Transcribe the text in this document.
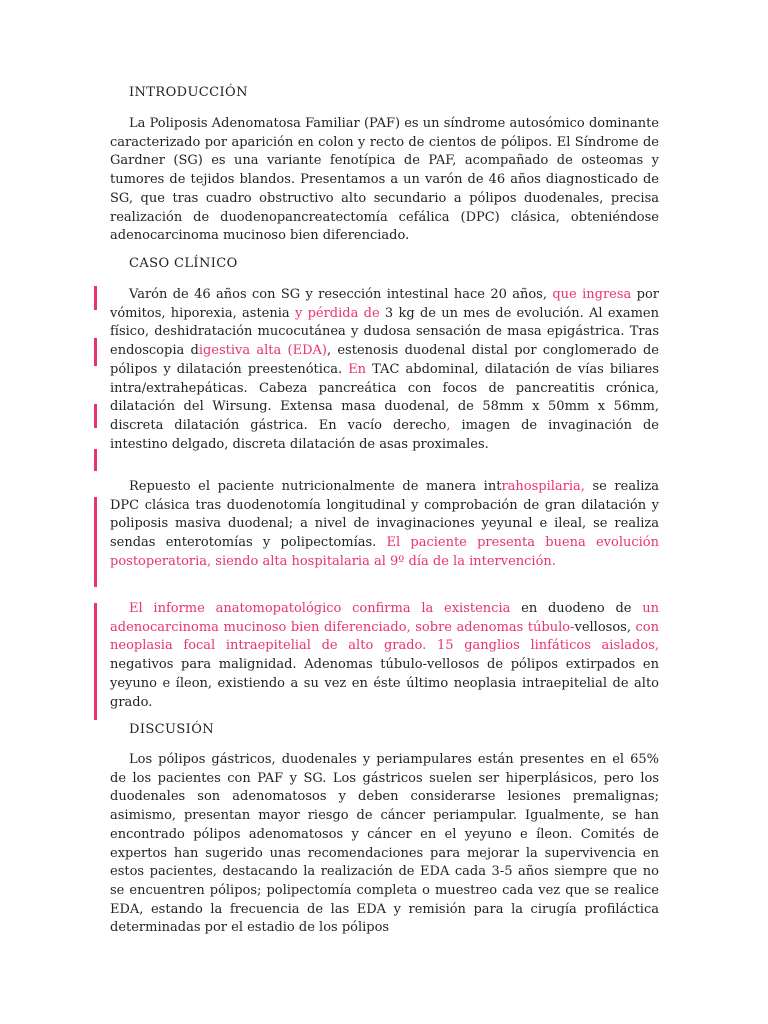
INTRODUCCIÓN

La Poliposis Adenomatosa Familiar (PAF) es un síndrome autosómico dominante caracterizado por aparición en colon y recto de cientos de pólipos. El Síndrome de Gardner (SG) es una variante fenotípica de PAF, acompañado de osteomas y tumores de tejidos blandos. Presentamos a un varón de 46 años diagnosticado de SG, que tras cuadro obstructivo alto secundario a pólipos duodenales, precisa realización de duodenopancreatectomía cefálica (DPC) clásica, obteniéndose adenocarcinoma mucinoso bien diferenciado.

CASO CLÍNICO

Varón de 46 años con SG y resección intestinal hace 20 años, que ingresa por vómitos, hiporexia, astenia y pérdida de 3 kg de un mes de evolución. Al examen físico, deshidratación mucocutánea y dudosa sensación de masa epigástrica. Tras endoscopia digestiva alta (EDA), estenosis duodenal distal por conglomerado de pólipos y dilatación preestenótica. En TAC abdominal, dilatación de vías biliares intra/extrahepáticas. Cabeza pancreática con focos de pancreatitis crónica, dilatación del Wirsung. Extensa masa duodenal, de 58mm x 50mm x 56mm, discreta dilatación gástrica. En vacío derecho, imagen de invaginación de intestino delgado, discreta dilatación de asas proximales.

Repuesto el paciente nutricionalmente de manera intrahospilaria, se realiza DPC clásica tras duodenotomía longitudinal y comprobación de gran dilatación y poliposis masiva duodenal; a nivel de invaginaciones yeyunal e ileal, se realiza sendas enterotomías y polipectomías. El paciente presenta buena evolución postoperatoria, siendo alta hospitalaria al 9º día de la intervención.

El informe anatomopatológico confirma la existencia en duodeno de un adenocarcinoma mucinoso bien diferenciado, sobre adenomas túbulo-vellosos, con neoplasia focal intraepitelial de alto grado. 15 ganglios linfáticos aislados, negativos para malignidad. Adenomas túbulo-vellosos de pólipos extirpados en yeyuno e íleon, existiendo a su vez en éste último neoplasia intraepitelial de alto grado.

DISCUSIÓN

Los pólipos gástricos, duodenales y periampulares están presentes en el 65% de los pacientes con PAF y SG. Los gástricos suelen ser hiperplásicos, pero los duodenales son adenomatosos y deben considerarse lesiones premalignas; asimismo, presentan mayor riesgo de cáncer periampular. Igualmente, se han encontrado pólipos adenomatosos y cáncer en el yeyuno e íleon. Comités de expertos han sugerido unas recomendaciones para mejorar la supervivencia en estos pacientes, destacando la realización de EDA cada 3-5 años siempre que no se encuentren pólipos; polipectomía completa o muestreo cada vez que se realice EDA, estando la frecuencia de las EDA y remisión para la cirugía profiláctica determinadas por el estadio de los pólipos
